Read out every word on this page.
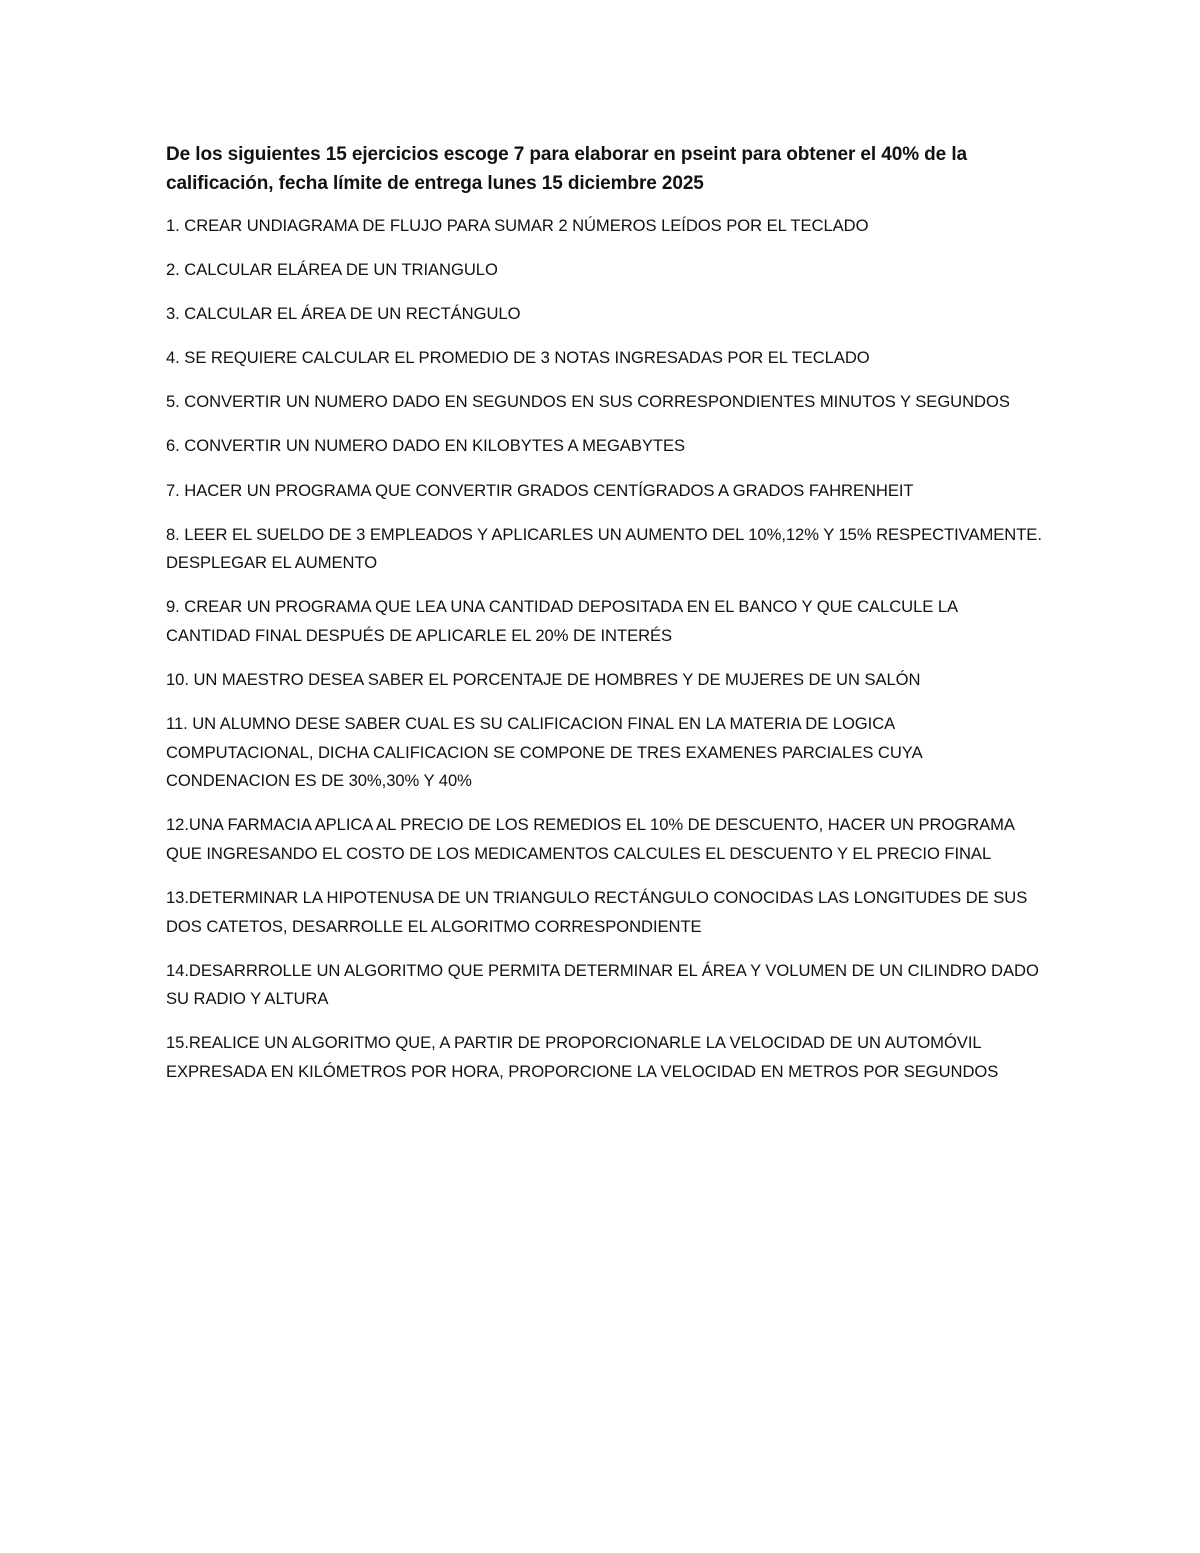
De los siguientes 15 ejercicios escoge 7 para elaborar en pseint para obtener el 40% de la calificación, fecha límite de entrega lunes 15 diciembre 2025

1. CREAR UNDIAGRAMA DE FLUJO PARA SUMAR 2 NÚMEROS LEÍDOS POR EL TECLADO
2. CALCULAR ELÁREA DE UN TRIANGULO
3. CALCULAR EL ÁREA DE UN RECTÁNGULO
4. SE REQUIERE CALCULAR EL PROMEDIO DE 3 NOTAS INGRESADAS POR EL TECLADO
5. CONVERTIR UN NUMERO DADO EN SEGUNDOS EN SUS CORRESPONDIENTES MINUTOS Y SEGUNDOS
6. CONVERTIR UN NUMERO DADO EN KILOBYTES A MEGABYTES
7. HACER UN PROGRAMA QUE CONVERTIR GRADOS CENTÍGRADOS A GRADOS FAHRENHEIT
8. LEER EL SUELDO DE 3 EMPLEADOS Y APLICARLES UN AUMENTO DEL 10%,12% Y 15% RESPECTIVAMENTE. DESPLEGAR EL AUMENTO
9. CREAR UN PROGRAMA QUE LEA UNA CANTIDAD DEPOSITADA EN EL BANCO Y QUE CALCULE LA CANTIDAD FINAL DESPUÉS DE APLICARLE EL 20% DE INTERÉS
10. UN MAESTRO DESEA SABER EL PORCENTAJE DE HOMBRES Y DE MUJERES DE UN SALÓN
11. UN ALUMNO DESE SABER CUAL ES SU CALIFICACION FINAL EN LA MATERIA DE LOGICA COMPUTACIONAL, DICHA CALIFICACION SE COMPONE DE TRES EXAMENES PARCIALES CUYA CONDENACION ES DE 30%,30% Y 40%
12.UNA FARMACIA APLICA AL PRECIO DE LOS REMEDIOS EL 10% DE DESCUENTO, HACER UN PROGRAMA QUE INGRESANDO EL COSTO DE LOS MEDICAMENTOS CALCULES EL DESCUENTO Y EL PRECIO FINAL
13.DETERMINAR LA HIPOTENUSA DE UN TRIANGULO RECTÁNGULO CONOCIDAS LAS LONGITUDES DE SUS DOS CATETOS, DESARROLLE EL ALGORITMO CORRESPONDIENTE
14.DESARRROLLE UN ALGORITMO QUE PERMITA DETERMINAR EL ÁREA Y VOLUMEN DE UN CILINDRO DADO SU RADIO Y ALTURA
15.REALICE UN ALGORITMO QUE, A PARTIR DE PROPORCIONARLE LA VELOCIDAD DE UN AUTOMÓVIL EXPRESADA EN KILÓMETROS POR HORA, PROPORCIONE LA VELOCIDAD EN METROS POR SEGUNDOS
